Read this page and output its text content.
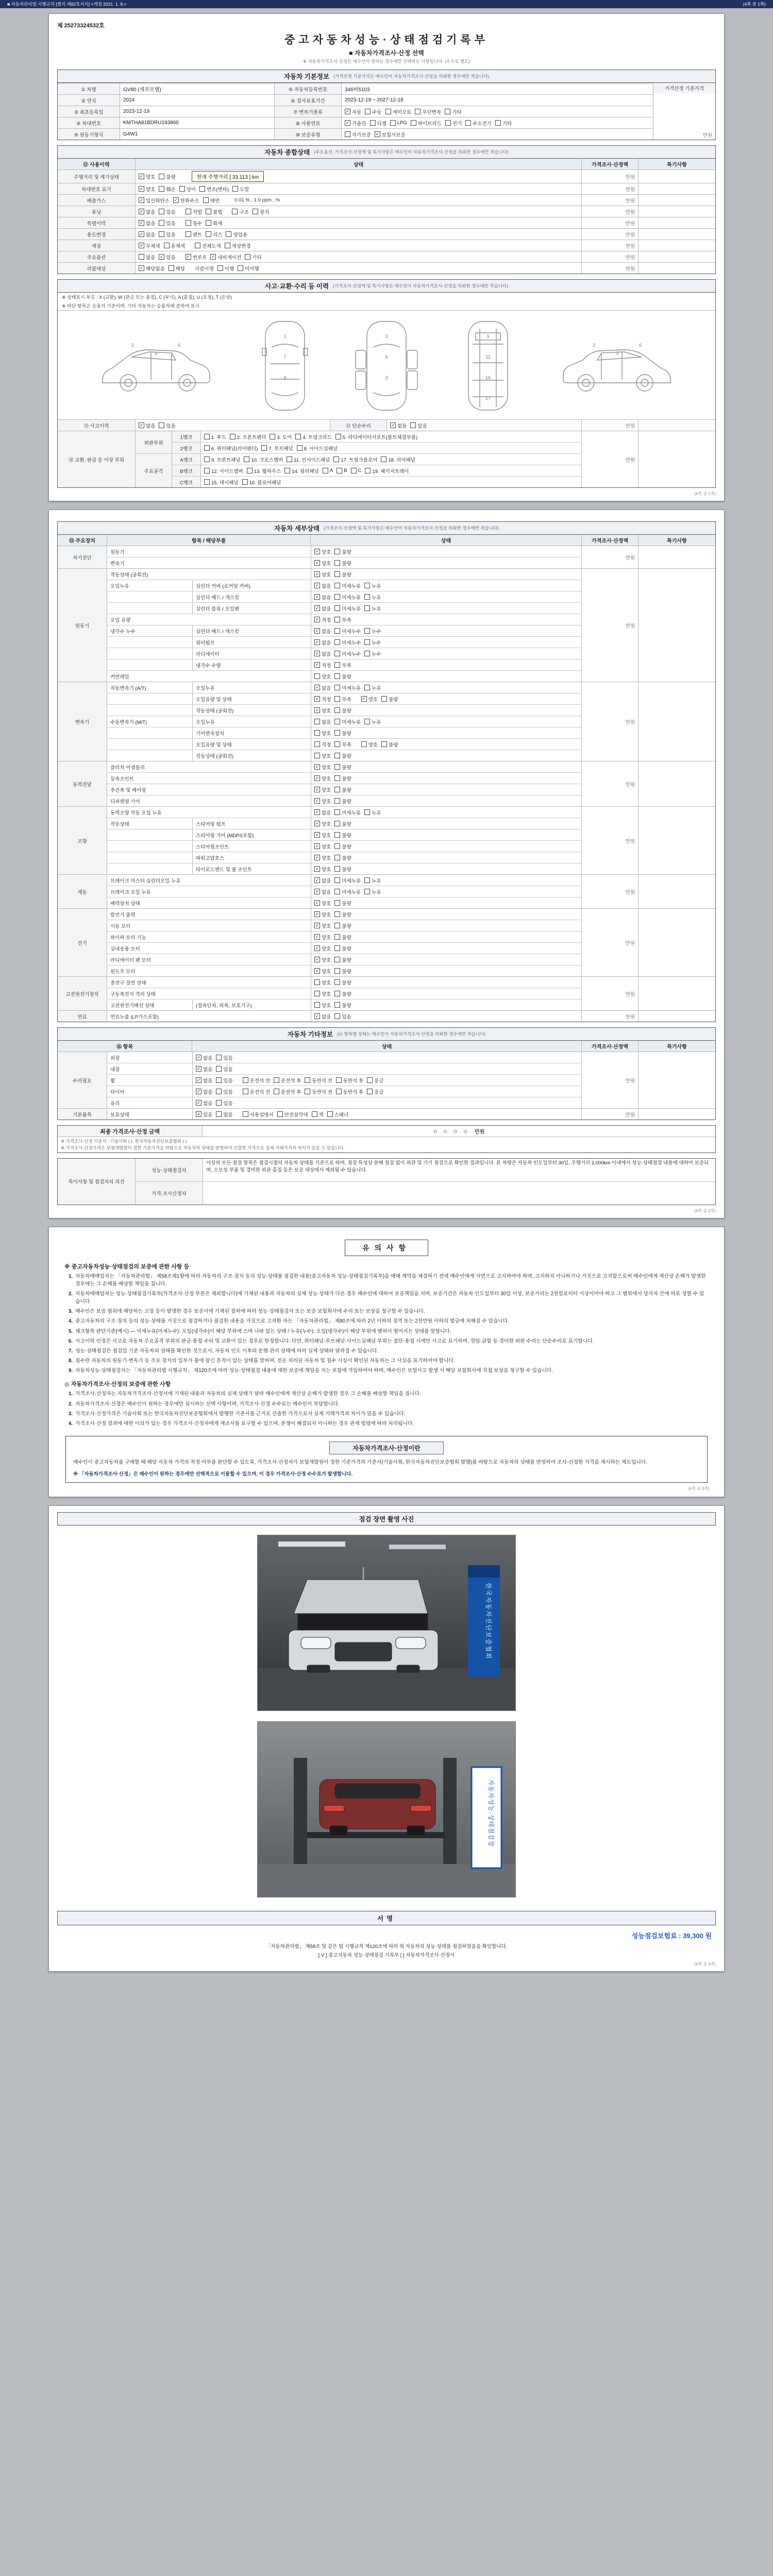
■ 자동차관리법 시행규칙 [별지 제82호서식] <개정 2021. 1. 9.>	(4쪽 중 1쪽)
제 25273324532호
중고자동차성능·상태점검기록부
■ 자동차가격조사·산정 선택
※ 자동차가격조사·산정은 매수인이 원하는 경우에만 선택하는 사항입니다. (수수료 별도)
자동차 기본정보 (가격산정 기준가격은 매수인이 자동차가격조사·산정을 의뢰한 경우에만 적습니다)
① 차명	GV80 (세부모델)	⑤ 자동차등록번호	346버5103
② 연식	2024	⑥ 검사유효기간	2023-12-19 ~ 2027-12-18
③ 최초등록일	2023-12-19	⑦ 변속기종류	✓ 자동 수동 세미오토 무단변속 기타
④ 차대번호	KMTHA81BDRU193860	⑧ 사용연료	✓ 가솔린 디젤 LPG 하이브리드 전기 수소전기 기타
⑨ 원동기형식	G4W1	⑩ 보증유형	자가보증 ✓ 보험사보증
가격산정 기준가격
만원
자동차 종합상태 (주요옵션, 가격조사·산정액 및 특기사항은 매수인이 자동차가격조사·산정을 의뢰한 경우에만 적습니다)
⑪ 사용이력	상태	가격조사·산정액	특기사항
주행거리 및 계기상태	✓ 양호 불량	현재 주행거리 [ 33,113 ] km	만원
차대번호 표기	✓ 양호 훼손 상이 변조(변타) 도말	만원
배출가스	✓ 일산화탄소 ✓ 탄화수소 매연	0.01 % , 1.0 ppm , %	만원
튜닝	✓ 없음 있음	적법 불법	구조 장치	만원
특별이력	✓ 없음 있음	침수 화재	만원
용도변경	✓ 없음 있음	렌트 리스 영업용	만원
색상	✓ 무채색 유채색	전체도색 색상변경	만원
주요옵션	없음 ✓ 있음 ✓ 썬루프 ✓ 네비게이션 기타	만원
리콜대상	✓ 해당없음 해당 리콜이행 이행 미이행	만원
사고·교환·수리 등 이력 (가격조사·산정액 및 특기사항은 매수인이 자동차가격조사·산정을 의뢰한 경우에만 적습니다)
※ 상태표시 부호 : X (교환), W (판금 또는 용접), C (부식), A (흠집), U (요철), T (손상)
※ 하단 항목은 승용차 기준이며, 기타 자동차는 승용차에 준하여 표시
2
3
6
1
7
4
3
6
3
9
11
16
17
2
3
6
⑫ 사고이력	✓ 없음 있음	⑬ 단순수리	✓ 없음 있음	만원
⑭ 교환, 판금 등 이상 부위
외판부위
1랭크	1. 후드 2. 프론트펜더 3. 도어 4. 트렁크리드 5. 라디에이터서포트(볼트체결부품)
2랭크	6. 쿼터패널(리어펜더) 7. 루프패널 8. 사이드실패널
주요골격
A랭크	9. 프론트패널 10. 크로스멤버 11. 인사이드패널 17. 트렁크플로어 18. 리어패널
B랭크	12. 사이드멤버 13. 휠하우스 14. 필러패널 A B C 19. 패키지트레이
C랭크	15. 대시패널 16. 플로어패널
만원
(4쪽 중 1쪽)
자동차 세부상태 (가격조사·산정액 및 특기사항은 매수인이 자동차가격조사·산정을 의뢰한 경우에만 적습니다)
⑮ 주요장치	항목 / 해당부품	상태	가격조사·산정액	특기사항
자기진단
원동기	✓ 양호 불량
변속기	✓ 양호 불량
만원
원동기
작동상태 (공회전)	✓ 양호 불량
오일누유	실린더 커버 (로커암 커버)	✓ 없음 미세누유 누유
실린더 헤드 / 개스킷	✓ 없음 미세누유 누유
실린더 블록 / 오일팬	✓ 없음 미세누유 누유
오일 유량	✓ 적정 부족
냉각수 누수	실린더 헤드 / 개스킷	✓ 없음 미세누수 누수
워터펌프	✓ 없음 미세누수 누수
라디에이터	✓ 없음 미세누수 누수
냉각수 수량	✓ 적정 부족
커먼레일	양호 불량
만원
변속기
자동변속기 (A/T)	오일누유	✓ 없음 미세누유 누유
오일유량 및 상태	✓ 적정 부족 ✓ 양호 불량
작동상태 (공회전)	✓ 양호 불량
수동변속기 (M/T)	오일누유	없음 미세누유 누유
기어변속장치	양호 불량
오일유량 및 상태	적정 부족	양호 불량
작동상태 (공회전)	양호 불량
만원
동력전달
클러치 어셈블리	✓ 양호 불량
등속조인트	✓ 양호 불량
추진축 및 베어링	✓ 양호 불량
디퍼렌셜 기어	✓ 양호 불량
만원
조향
동력조향 작동 오일 누유	✓ 없음 미세누유 누유
작동상태	스티어링 펌프	✓ 양호 불량
스티어링 기어 (MDPS포함)	✓ 양호 불량
스티어링조인트	✓ 양호 불량
파워고압호스	✓ 양호 불량
타이로드엔드 및 볼 조인트	✓ 양호 불량
만원
제동
브레이크 마스터 실린더오일 누유	✓ 없음 미세누유 누유
브레이크 오일 누유	✓ 없음 미세누유 누유
배력장치 상태	✓ 양호 불량
만원
전기
발전기 출력	✓ 양호 불량
시동 모터	✓ 양호 불량
와이퍼 모터 기능	✓ 양호 불량
실내송풍 모터	✓ 양호 불량
라디에이터 팬 모터	✓ 양호 불량
윈도우 모터	✓ 양호 불량
만원
고전원전기장치
충전구 절연 상태	양호 불량
구동축전지 격리 상태	양호 불량
고전원전기배선 상태	(접속단자, 피복, 보호기구)	양호 불량
만원
연료	연료누출 (LP가스포함)	✓ 없음 있음	만원
자동차 기타정보 (⑯ 항목별 상태는 매수인이 자동차가격조사·산정을 의뢰한 경우에만 적습니다)
⑯ 항목	상태	가격조사·산정액	특기사항
수리필요
외장	✓ 없음 있음
내장	✓ 없음 있음
휠	✓ 없음 있음	운전석 전 운전석 후 동반석 전 동반석 후 응급
타이어	✓ 없음 있음	운전석 전 운전석 후 동반석 전 동반석 후 응급
유리	✓ 없음 있음
만원
기본품목	보유상태	✓ 있음 없음	사용설명서 안전삼각대 잭 스패너	만원
최종 가격조사·산정 금액	○ ○ ○ ○ 만원
※ 가격조사·산정 기준서 : 기술사회 ( ), 한국자동차진단보증협회 ( )
※ 가격조사·산정가격은 보험개발원이 정한 기준가격을 바탕으로 자동차의 상태를 반영하여 산출한 가격으로 실제 거래가격과 차이가 있을 수 있습니다.
특이사항 및 점검자의 의견
성능·상태점검자
이상의 모든 점검 항목은 점검시점의 자동차 상태를 기준으로 하며, 점검 특성상 분해 점검 없이 외관 및 기기 점검으로 확인한 결과입니다. 본 차량은 자동차 인도일부터 30일, 주행거리 2,000km 이내에서 성능·상태점검 내용에 대하여 보증되며, 소모성 부품 및 경미한 외관 흠집 등은 보증 대상에서 제외될 수 있습니다.
가격·조사산정자
(4쪽 중 2쪽)
유의사항
※ 중고자동차성능·상태점검의 보증에 관한 사항 등
1. 자동차매매업자는 「자동차관리법」 제58조제1항에 따라 자동차의 구조·장치 등의 성능·상태를 점검한 내용(중고자동차 성능·상태점검기록부)을 매매 계약을 체결하기 전에 매수인에게 서면으로 고지하여야 하며, 고지하지 아니하거나 거짓으로 고지함으로써 매수인에게 재산상 손해가 발생한 경우에는 그 손해를 배상할 책임을 집니다.
2. 자동차매매업자는 성능·상태점검기록부(가격조사·산정 부분은 제외합니다)에 기재된 내용과 자동차의 실제 성능·상태가 다른 경우 매수인에 대하여 보증책임을 지며, 보증기간은 자동차 인도일부터 30일 이상, 보증거리는 2천킬로미터 이상이어야 하고 그 범위에서 당사자 간에 따로 정할 수 있습니다.
3. 매수인은 보증 범위에 해당하는 고장 등이 발생한 경우 보증서에 기재된 절차에 따라 성능·상태점검자 또는 보증 보험회사에 수리 또는 보상을 청구할 수 있습니다.
4. 중고자동차의 구조·장치 등의 성능·상태를 거짓으로 점검하거나 점검한 내용을 거짓으로 고지한 자는 「자동차관리법」 제80조에 따라 2년 이하의 징역 또는 2천만원 이하의 벌금에 처해질 수 있습니다.
5. 체크항목 판단기준(예시) — 미세누유(미세누수): 오일(냉각수)이 해당 부위에 스며 나와 있는 상태 / 누유(누수): 오일(냉각수)이 해당 부위에 맺혀서 떨어지는 상태를 말합니다.
6. 사고이력 인정은 사고로 자동차 주요골격 부위의 판금·용접 수리 및 교환이 있는 경우로 한정합니다. 다만, 쿼터패널·루프패널·사이드실패널 부위는 절단·용접 시에만 사고로 표기하며, 꺾임·긁힘 등 경미한 외판 수리는 단순수리로 표기합니다.
7. 성능·상태점검은 점검일 기준 자동차의 상태를 확인한 것으로서, 자동차 인도 이후의 운행·관리 상태에 따라 실제 상태와 달라질 수 있습니다.
8. 침수란 자동차의 원동기·변속기 등 주요 장치의 일부가 물에 잠긴 흔적이 있는 상태를 말하며, 전손 처리된 자동차 및 침수 사실이 확인된 자동차는 그 사실을 표기하여야 합니다.
9. 자동차성능·상태점검자는 「자동차관리법 시행규칙」 제120조에 따라 성능·상태점검 내용에 대한 보증에 책임을 지는 보험에 가입하여야 하며, 매수인은 보험사고 발생 시 해당 보험회사에 직접 보상을 청구할 수 있습니다.
◎ 자동차가격조사·산정의 보증에 관한 사항
1. 가격조사·산정자는 자동차가격조사·산정서에 기재된 내용과 자동차의 실제 상태가 달라 매수인에게 재산상 손해가 발생한 경우 그 손해를 배상할 책임을 집니다.
2. 자동차가격조사·산정은 매수인이 원하는 경우에만 실시하는 선택 사항이며, 가격조사·산정 수수료는 매수인이 부담합니다.
3. 가격조사·산정가격은 기술사회 또는 한국자동차진단보증협회에서 발행한 기준서를 근거로 산출한 가격으로서 실제 거래가격과 차이가 있을 수 있습니다.
4. 가격조사·산정 결과에 대한 이의가 있는 경우 가격조사·산정자에게 재조사를 요구할 수 있으며, 분쟁이 해결되지 아니하는 경우 관계 법령에 따라 처리됩니다.
자동차가격조사·산정이란
매수인이 중고자동차를 구매할 때 해당 자동차 가격의 적정 여부를 판단할 수 있도록, 가격조사·산정자가 보험개발원이 정한 기준가격과 기준서(기술사회, 한국자동차진단보증협회 발행)를 바탕으로 자동차의 상태를 반영하여 조사·산정한 가격을 제시하는 제도입니다.
※ 「자동차가격조사·산정」은 매수인이 원하는 경우에만 선택적으로 이용할 수 있으며, 이 경우 가격조사·산정 수수료가 발생합니다.
(4쪽 중 3쪽)
점검 장면 촬영 사진
한국자동차진단보증협회
자동차성능·상태점검장
서명
성능점검보험료 : 39,300 원
「자동차관리법」 제58조 및 같은 법 시행규칙 제120조에 따라 위 자동차의 성능·상태를 점검하였음을 확인합니다.
[ V ] 중고자동차 성능·상태점검 기록부 [ ] 자동차가격조사·산정서
(4쪽 중 4쪽)
